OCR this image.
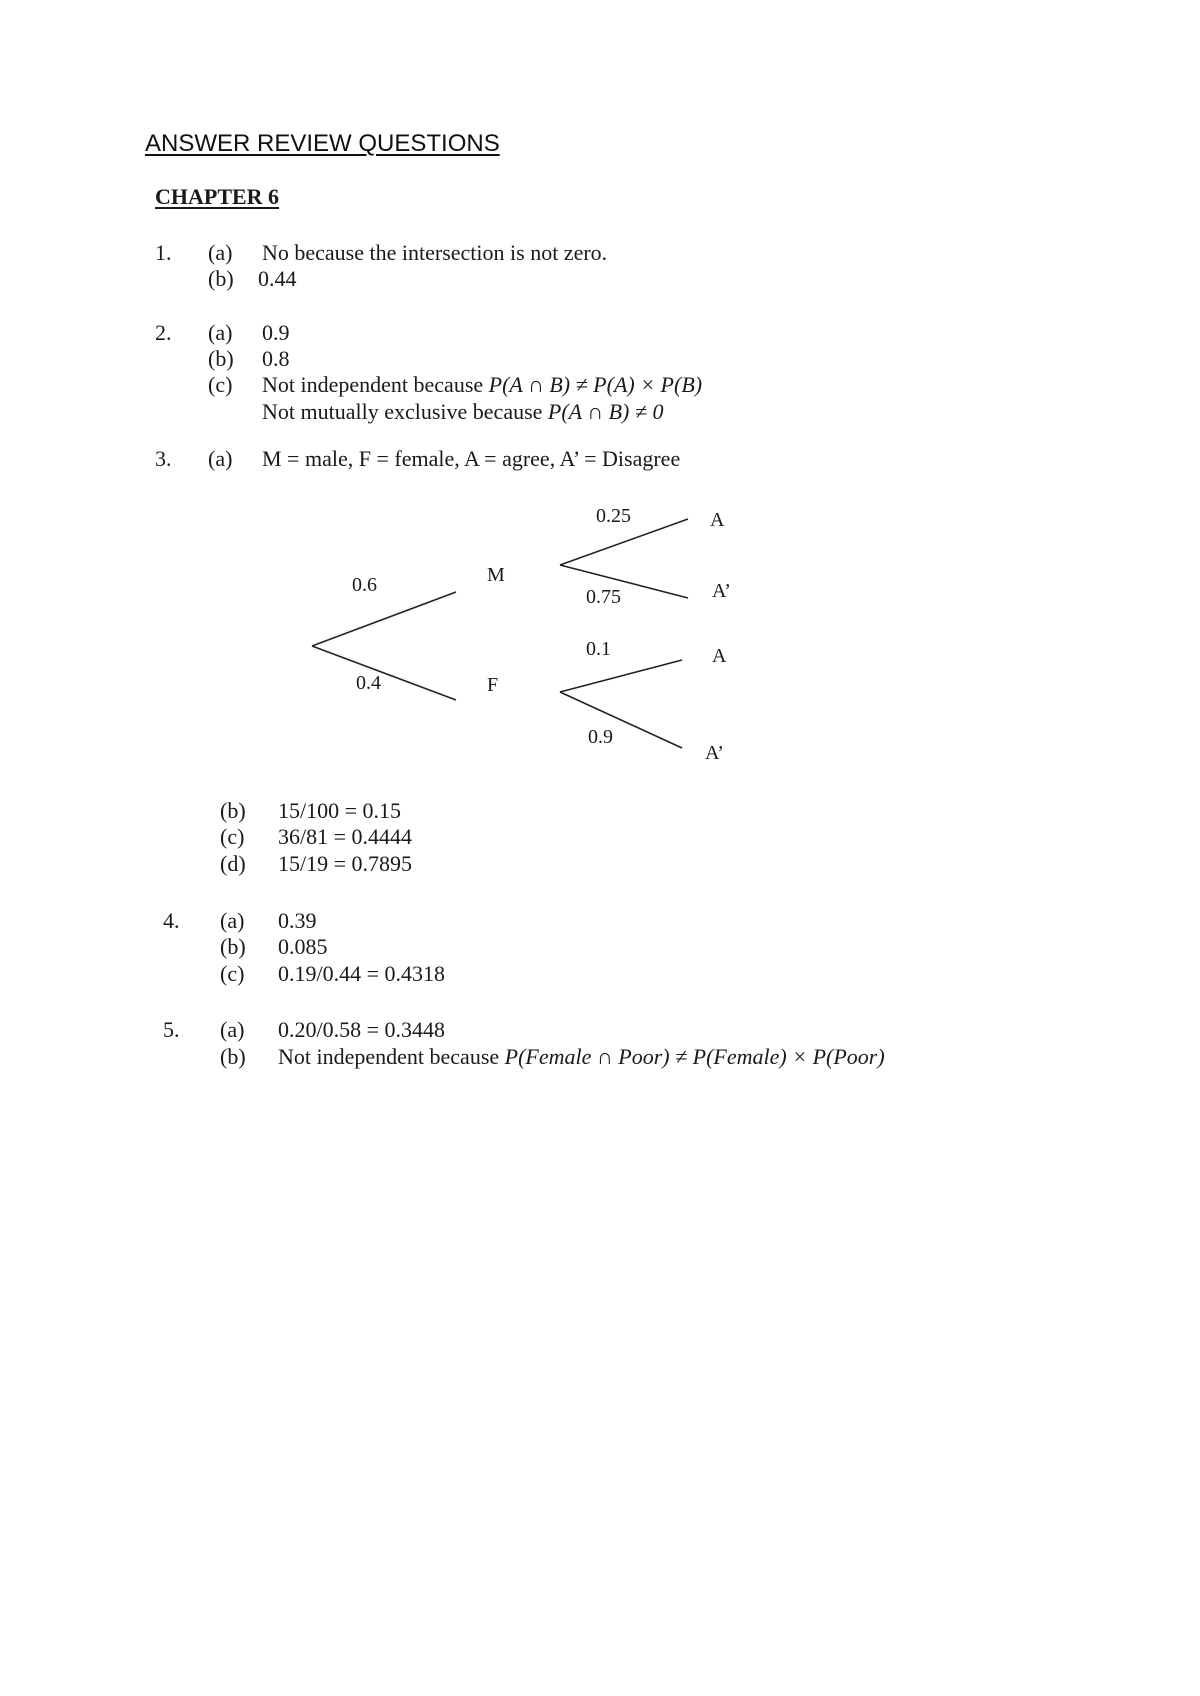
ANSWER REVIEW QUESTIONS
CHAPTER 6
1. (a) No because the intersection is not zero.
(b) 0.44
2. (a) 0.9
(b) 0.8
(c) Not independent because P(A ∩ B) ≠ P(A) × P(B)
Not mutually exclusive because P(A ∩ B) ≠ 0
3. (a) M = male, F = female, A = agree, A’ = Disagree
0.6
0.4
M
F
0.25
0.75
A
A’
0.1
0.9
A
A’
(b) 15/100 = 0.15
(c) 36/81 = 0.4444
(d) 15/19 = 0.7895
4. (a) 0.39
(b) 0.085
(c) 0.19/0.44 = 0.4318
5. (a) 0.20/0.58 = 0.3448
(b) Not independent because P(Female ∩ Poor) ≠ P(Female) × P(Poor)
